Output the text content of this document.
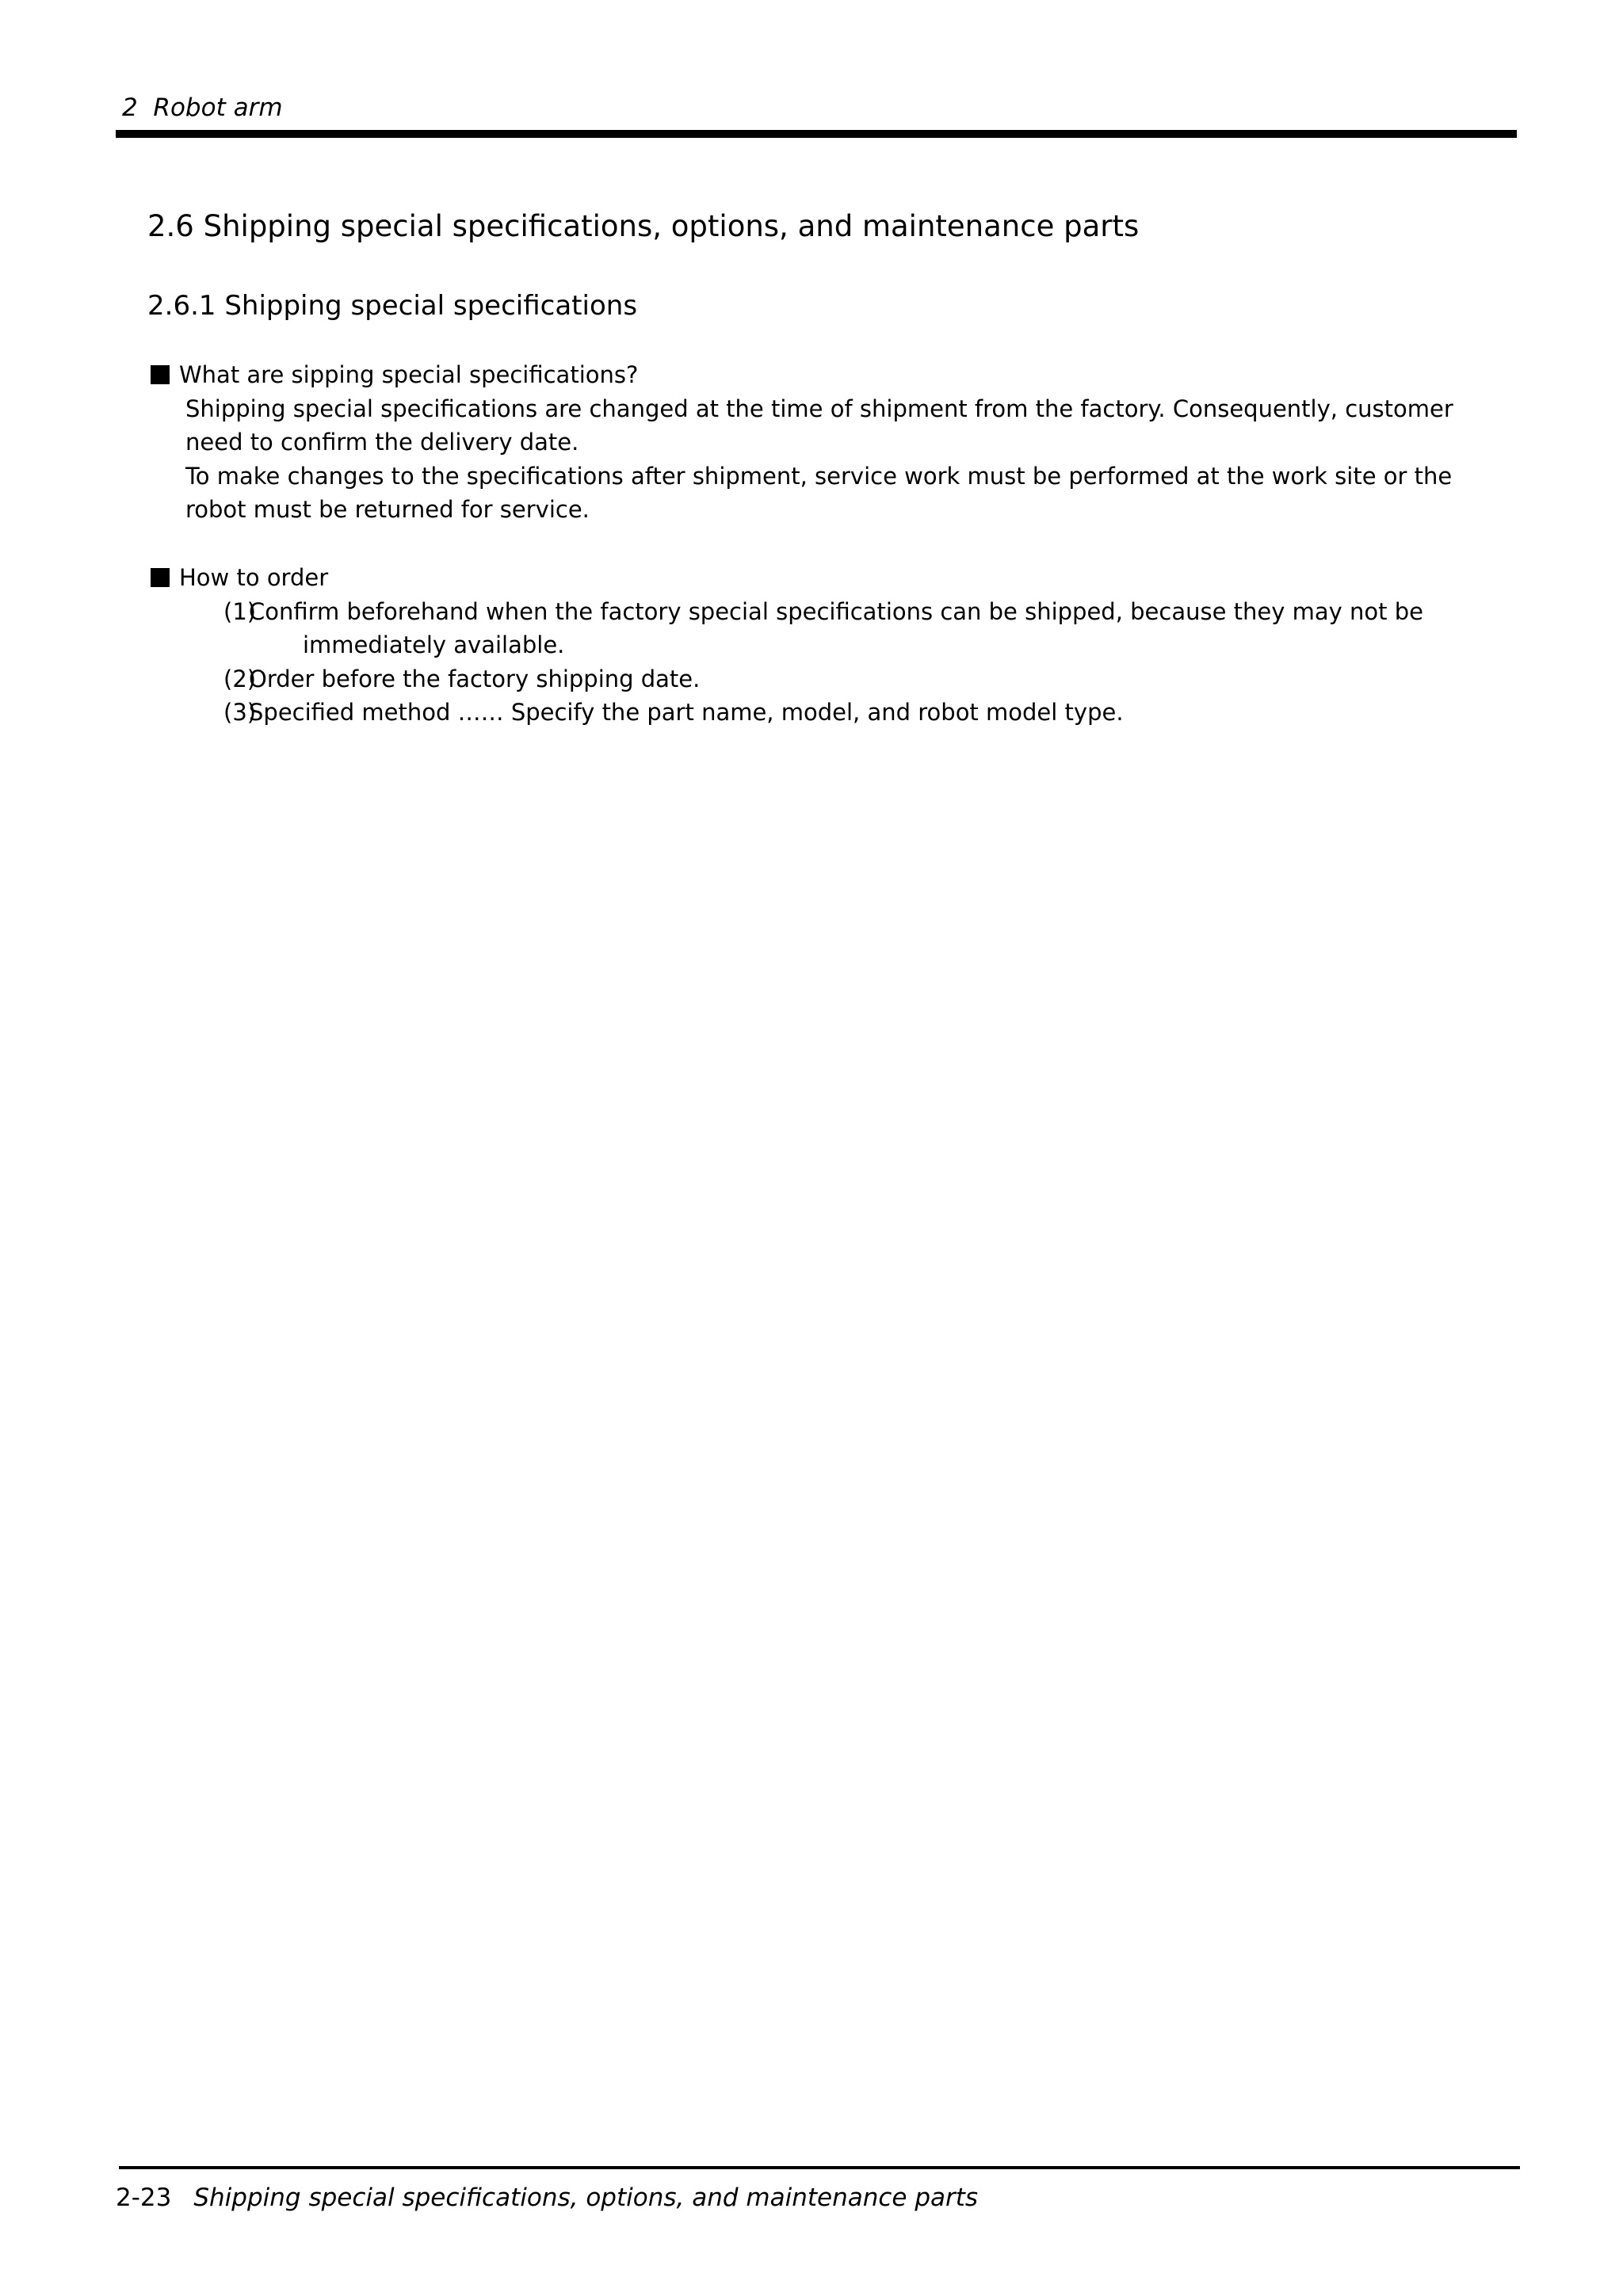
2  Robot arm
2.6 Shipping special specifications, options, and maintenance parts
2.6.1 Shipping special specifications
What are sipping special specifications?
Shipping special specifications are changed at the time of shipment from the factory. Consequently, customer need to confirm the delivery date.
To make changes to the specifications after shipment, service work must be performed at the work site or the robot must be returned for service.
How to order
(1)
Confirm beforehand when the factory special specifications can be shipped, because they may not be immediately available.
(2)
Order before the factory shipping date.
(3)
Specified method …… Specify the part name, model, and robot model type.
2-23 Shipping special specifications, options, and maintenance parts
